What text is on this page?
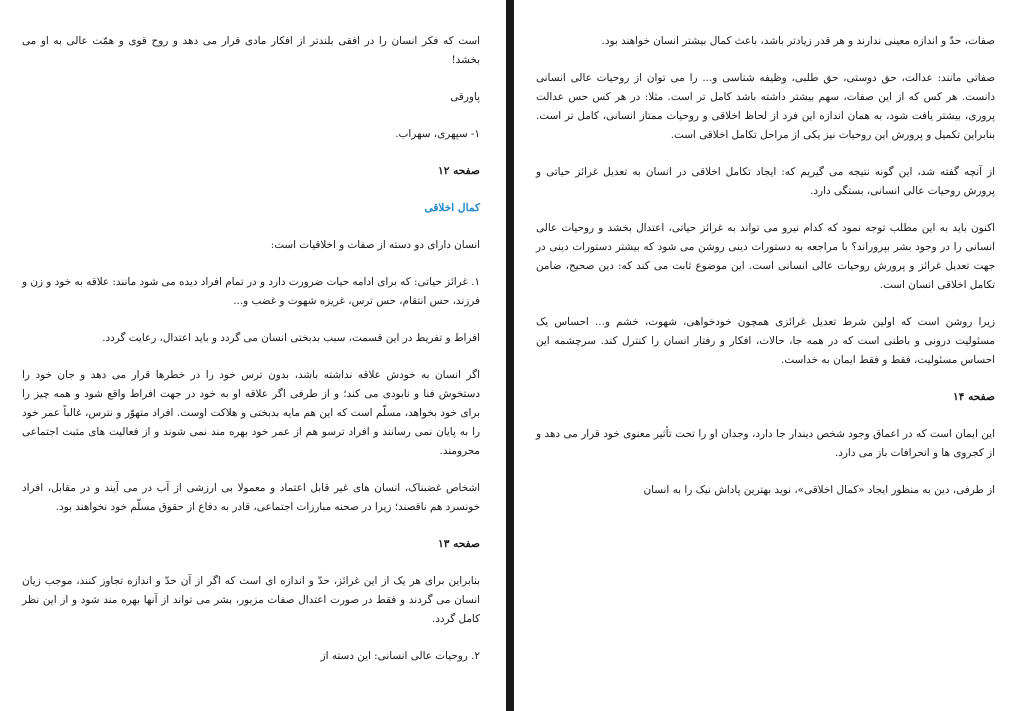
است که فکر انسان را در افقی بلندتر از افکار مادی قرار می دهد و روح قوی و همّت عالی به او می بخشد!

پاورقی

۱- سپهری، سهراب.

صفحه ۱۲

کمال اخلاقی

انسان دارای دو دسته از صفات و اخلاقیات است:

۱. غرائز حیاتی: که برای ادامه حیات ضرورت دارد و در تمام افراد دیده می شود مانند: علاقه به خود و زن و فرزند، حس انتقام، حس ترس، غریزه شهوت و غضب و...

افراط و تفریط در این قسمت، سبب بدبختی انسان می گردد و باید اعتدال، رعایت گردد.

اگر انسان به خودش علاقه نداشته باشد، بدون ترس خود را در خطرها قرار می دهد و جان خود را دستخوش فنا و نابودی می کند؛ و از طرفی اگر علاقه او به خود در جهت افراط واقع شود و همه چیز را برای خود بخواهد، مسلّم است که این هم مایه بدبختی و هلاکت اوست. افراد متهوّر و نترس، غالباً عمر خود را به پایان نمی رسانند و افراد ترسو هم از عمر خود بهره مند نمی شوند و از فعالیت های مثبت اجتماعی محرومند.

اشخاص غضبناک، انسان های غیر قابل اعتماد و معمولا بی ارزشی از آب در می آیند و در مقابل، افراد خونسرد هم ناقصند؛ زیرا در صحنه مبارزات اجتماعی، قادر به دفاع از حقوق مسلّم خود نخواهند بود.

صفحه ۱۳

بنابراین برای هر یک از این غرائز، حدّ و اندازه ای است که اگر از آن حدّ و اندازه تجاوز کنند، موجب زیان انسان می گردند و فقط در صورت اعتدال صفات مزبور، بشر می تواند از آنها بهره مند شود و از این نظر کامل گردد.

۲. روحیات عالی انسانی: این دسته از

صفات، حدّ و اندازه معینی ندارند و هر قدر زیادتر باشد، باعث کمال بیشتر انسان خواهند بود.

صفاتی مانند: عدالت، حق دوستی، حق طلبی، وظیفه شناسی و... را می توان از روحیات عالی انسانی دانست. هر کس که از این صفات، سهم بیشتر داشته باشد کامل تر است. مثلا: در هر کس حس عدالت پروری، بیشتر یافت شود، به همان اندازه این فرد از لحاظ اخلاقی و روحیات ممتاز انسانی، کامل تر است. بنابراین تکمیل و پرورش این روحیات نیز یکی از مراحل تکامل اخلاقی است.

از آنچه گفته شد، این گونه نتیجه می گیریم که: ایجاد تکامل اخلاقی در انسان به تعدیل غرائز حیاتی و پرورش روحیات عالی انسانی، بستگی دارد.

اکنون باید به این مطلب توجه نمود که کدام نیرو می تواند به غرائز حیاتی، اعتدال بخشد و روحیات عالی انسانی را در وجود بشر بپروراند؟ با مراجعه به دستورات دینی روشن می شود که بیشتر دستورات دینی در جهت تعدیل غرائز و پرورش روحیات عالی انسانی است. این موضوع ثابت می کند که: دین صحیح، ضامن تکامل اخلاقی انسان است.

زیرا روشن است که اولین شرط تعدیل غرائزی همچون خودخواهی، شهوت، خشم و... احساس یک مسئولیت درونی و باطنی است که در همه جا، حالات، افکار و رفتار انسان را کنترل کند. سرچشمه این احساس مسئولیت، فقط و فقط ایمان به خداست.

صفحه ۱۴

این ایمان است که در اعماق وجود شخص دیندار جا دارد، وجدان او را تحت تأثیر معنوی خود قرار می دهد و از کجروی ها و انحرافات باز می دارد.

از طرفی، دین به منظور ایجاد «کمال اخلاقی»، نوید بهترین پاداش نیک را به انسان
